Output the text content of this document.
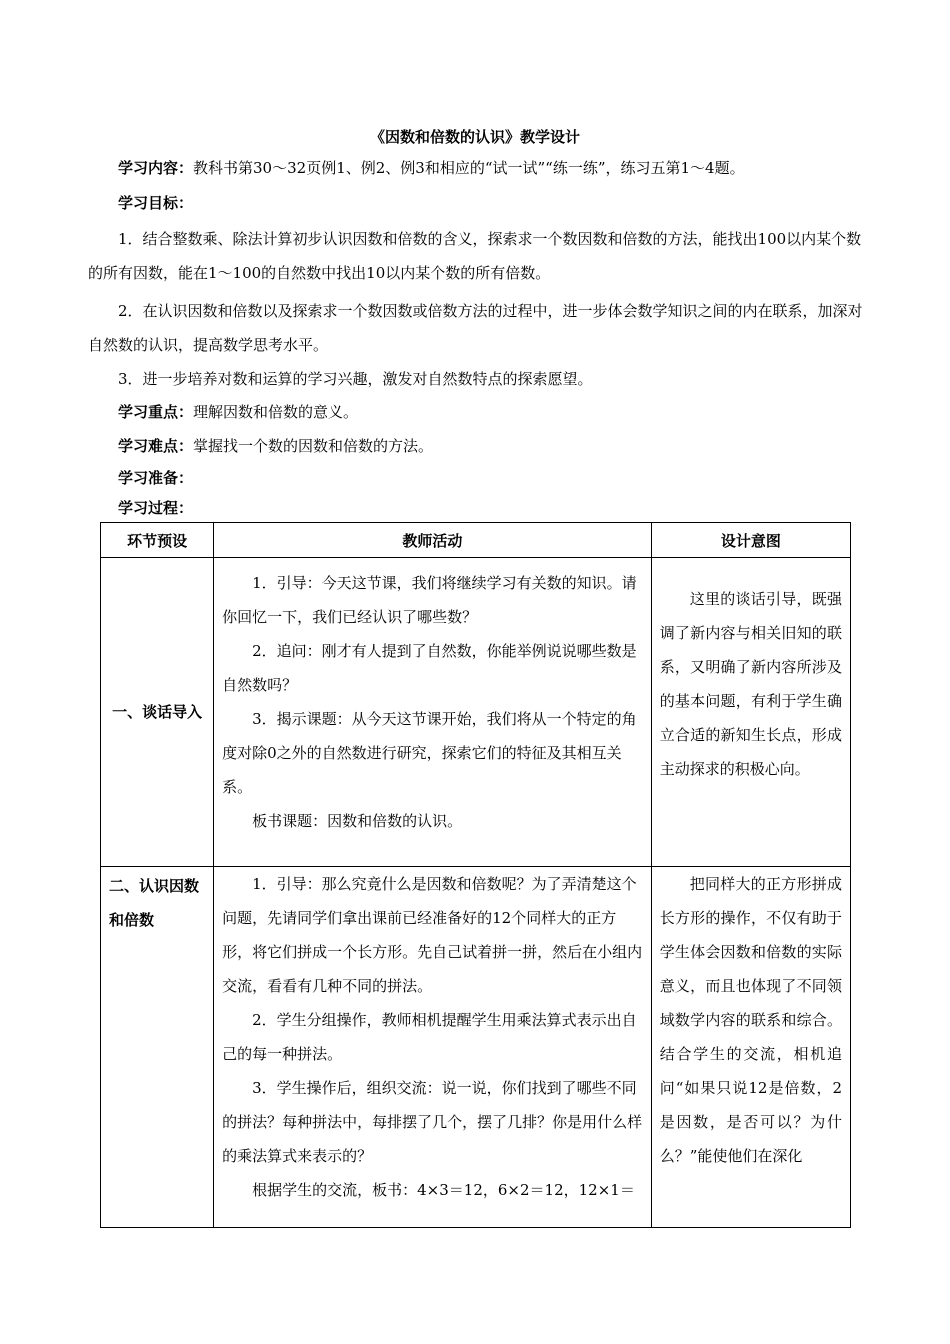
《因数和倍数的认识》教学设计
学习内容：教科书第30～32页例1、例2、例3和相应的“试一试”“练一练”，练习五第1～4题。
学习目标：
1．结合整数乘、除法计算初步认识因数和倍数的含义，探索求一个数因数和倍数的方法，能找出100以内某个数的所有因数，能在1～100的自然数中找出10以内某个数的所有倍数。
2．在认识因数和倍数以及探索求一个数因数或倍数方法的过程中，进一步体会数学知识之间的内在联系，加深对自然数的认识，提高数学思考水平。
3．进一步培养对数和运算的学习兴趣，激发对自然数特点的探索愿望。
学习重点：理解因数和倍数的意义。
学习难点：掌握找一个数的因数和倍数的方法。
学习准备：
学习过程：
环节预设	教师活动	设计意图

一、谈话导入	1．引导：今天这节课，我们将继续学习有关数的知识。请你回忆一下，我们已经认识了哪些数？

2．追问：刚才有人提到了自然数，你能举例说说哪些数是自然数吗？

3．揭示课题：从今天这节课开始，我们将从一个特定的角度对除0之外的自然数进行研究，探索它们的特征及其相互关系。

板书课题：因数和倍数的认识。	这里的谈话引导，既强调了新内容与相关旧知的联系，又明确了新内容所涉及的基本问题，有利于学生确立合适的新知生长点，形成主动探求的积极心向。

二、认识因数和倍数	1．引导：那么究竟什么是因数和倍数呢？为了弄清楚这个问题，先请同学们拿出课前已经准备好的12个同样大的正方形，将它们拼成一个长方形。先自己试着拼一拼，然后在小组内交流，看看有几种不同的拼法。

2．学生分组操作，教师相机提醒学生用乘法算式表示出自己的每一种拼法。

3．学生操作后，组织交流：说一说，你们找到了哪些不同的拼法？每种拼法中，每排摆了几个，摆了几排？你是用什么样的乘法算式来表示的？

根据学生的交流，板书：4×3＝12，6×2＝12，12×1＝	把同样大的正方形拼成长方形的操作，不仅有助于学生体会因数和倍数的实际意义，而且也体现了不同领域数学内容的联系和综合。结合学生的交流，相机追问“如果只说12是倍数，2是因数，是否可以？为什么？”能使他们在深化
